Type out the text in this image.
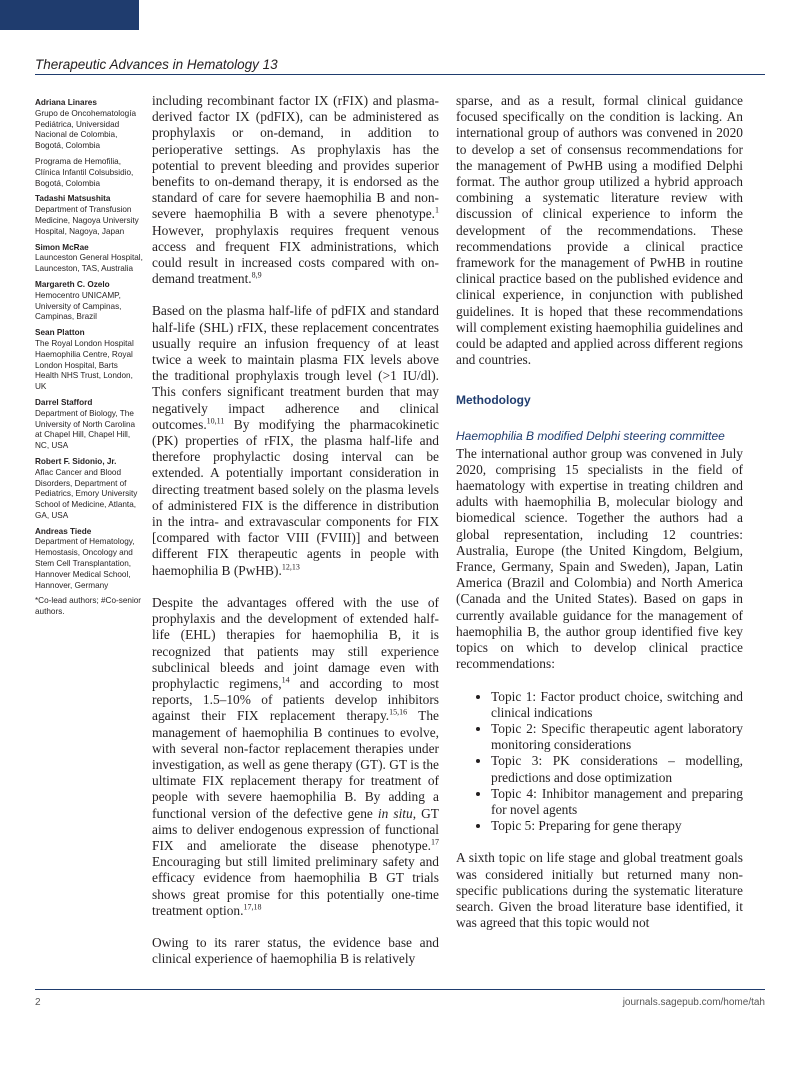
Therapeutic Advances in Hematology 13
Adriana Linares
Grupo de Oncohematología Pediátrica, Universidad Nacional de Colombia, Bogotá, Colombia
Programa de Hemofilia, Clínica Infantil Colsubsidio, Bogotá, Colombia
Tadashi Matsushita
Department of Transfusion Medicine, Nagoya University Hospital, Nagoya, Japan
Simon McRae
Launceston General Hospital, Launceston, TAS, Australia
Margareth C. Ozelo
Hemocentro UNICAMP, University of Campinas, Campinas, Brazil
Sean Platton
The Royal London Hospital Haemophilia Centre, Royal London Hospital, Barts Health NHS Trust, London, UK
Darrel Stafford
Department of Biology, The University of North Carolina at Chapel Hill, Chapel Hill, NC, USA
Robert F. Sidonio, Jr.
Aflac Cancer and Blood Disorders, Department of Pediatrics, Emory University School of Medicine, Atlanta, GA, USA
Andreas Tiede
Department of Hematology, Hemostasis, Oncology and Stem Cell Transplantation, Hannover Medical School, Hannover, Germany
*Co-lead authors; #Co-senior authors.

including recombinant factor IX (rFIX) and plasma-derived factor IX (pdFIX), can be administered as prophylaxis or on-demand, in addition to perioperative settings. As prophylaxis has the potential to prevent bleeding and provides superior benefits to on-demand therapy, it is endorsed as the standard of care for severe haemophilia B and non-severe haemophilia B with a severe phenotype.$^1$ However, prophylaxis requires frequent venous access and frequent FIX administrations, which could result in increased costs compared with on-demand treatment.$^{8,9}$

Based on the plasma half-life of pdFIX and standard half-life (SHL) rFIX, these replacement concentrates usually require an infusion frequency of at least twice a week to maintain plasma FIX levels above the traditional prophylaxis trough level (>1 IU/dl). This confers significant treatment burden that may negatively impact adherence and clinical outcomes.$^{10,11}$ By modifying the pharmacokinetic (PK) properties of rFIX, the plasma half-life and therefore prophylactic dosing interval can be extended. A potentially important consideration in directing treatment based solely on the plasma levels of administered FIX is the difference in distribution in the intra- and extravascular components for FIX [compared with factor VIII (FVIII)] and between different FIX therapeutic agents in people with haemophilia B (PwHB).$^{12,13}$

Despite the advantages offered with the use of prophylaxis and the development of extended half-life (EHL) therapies for haemophilia B, it is recognized that patients may still experience subclinical bleeds and joint damage even with prophylactic regimens,$^{14}$ and according to most reports, 1.5–10% of patients develop inhibitors against their FIX replacement therapy.$^{15,16}$ The management of haemophilia B continues to evolve, with several non-factor replacement therapies under investigation, as well as gene therapy (GT). GT is the ultimate FIX replacement therapy for treatment of people with severe haemophilia B. By adding a functional version of the defective gene in situ, GT aims to deliver endogenous expression of functional FIX and ameliorate the disease phenotype.$^{17}$ Encouraging but still limited preliminary safety and efficacy evidence from haemophilia B GT trials shows great promise for this potentially one-time treatment option.$^{17,18}$

Owing to its rarer status, the evidence base and clinical experience of haemophilia B is relatively

sparse, and as a result, formal clinical guidance focused specifically on the condition is lacking. An international group of authors was convened in 2020 to develop a set of consensus recommendations for the management of PwHB using a modified Delphi format. The author group utilized a hybrid approach combining a systematic literature review with discussion of clinical experience to inform the development of the recommendations. These recommendations provide a clinical practice framework for the management of PwHB in routine clinical practice based on the published evidence and clinical experience, in conjunction with published guidelines. It is hoped that these recommendations will complement existing haemophilia guidelines and could be adapted and applied across different regions and countries.

Methodology
Haemophilia B modified Delphi steering committee

The international author group was convened in July 2020, comprising 15 specialists in the field of haematology with expertise in treating children and adults with haemophilia B, molecular biology and biomedical science. Together the authors had a global representation, including 12 countries: Australia, Europe (the United Kingdom, Belgium, France, Germany, Spain and Sweden), Japan, Latin America (Brazil and Colombia) and North America (Canada and the United States). Based on gaps in currently available guidance for the management of haemophilia B, the author group identified five key topics on which to develop clinical practice recommendations:

• Topic 1: Factor product choice, switching and clinical indications
• Topic 2: Specific therapeutic agent laboratory monitoring considerations
• Topic 3: PK considerations – modelling, predictions and dose optimization
• Topic 4: Inhibitor management and preparing for novel agents
• Topic 5: Preparing for gene therapy

A sixth topic on life stage and global treatment goals was considered initially but returned many non-specific publications during the systematic literature search. Given the broad literature base identified, it was agreed that this topic would not

2	journals.sagepub.com/home/tah
